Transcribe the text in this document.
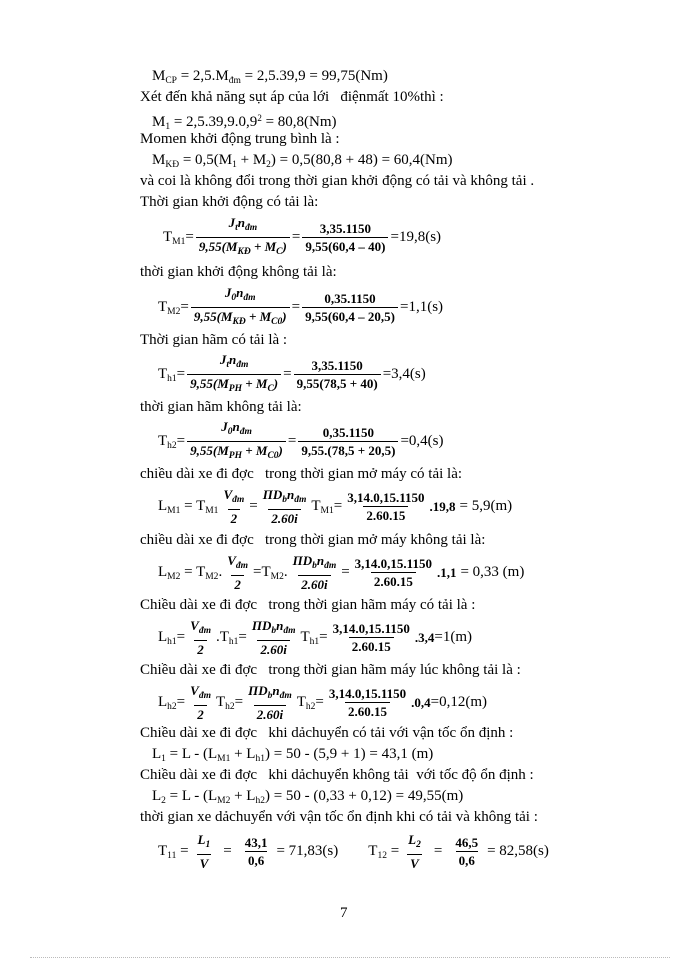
$M_{CP} = 2,5.M_{đm} = 2,5.39,9 = 99,75(Nm)$
Xét đến khả năng sụt áp của lới   điệnmất 10%thì :
$M_1 = 2,5.39,9.0,9^2 = 80,8(Nm)$
Momen khởi động trung bình là :
$M_{KĐ} = 0,5(M_1 + M_2) = 0,5(80,8 + 48) = 60,4(Nm)$
và coi là không đổi trong thời gian khởi động có tải và không tải .
Thời gian khởi động có tải là:
$T_{M1}= \frac{J_tn_{đm}}{9,55(M_{KĐ} + M_C)} = \frac{3,35.1150}{9,55(60,4 - 40)} =19,8(s)$
thời gian khởi động không tải là:
$T_{M2}= \frac{J_0n_{đm}}{9,55(M_{KĐ} + M_{C0})} = \frac{0,35.1150}{9,55(60,4 - 20,5)} =1,1(s)$
Thời gian hãm có tải là :
$T_{h1}= \frac{J_tn_{đm}}{9,55(M_{PH} + M_C)} = \frac{3,35.1150}{9,55(78,5 + 40)} =3,4(s)$
thời gian hãm không tải là:
$T_{h2}= \frac{J_0n_{đm}}{9,55(M_{PH} + M_{C0})} = \frac{0,35.1150}{9,55.(78,5 + 20,5)} =0,4(s)$
chiều dài xe đi đợc   trong thời gian mở máy có tải là:
$L_{M1} = T_{M1} \frac{V_{đm}}{2} = \frac{\Pi D_bn_{đm}}{2.60i} T_{M1}= \frac{3,14.0,15.1150}{2.60.15} .19,8 = 5,9(m)$
chiều dài xe đi đợc   trong thời gian mở máy không tải là:
$L_{M2} = T_{M2}$. $\frac{V_{đm}}{2} =T_{M2}$. $\frac{\Pi D_bn_{đm}}{2.60i} = \frac{3,14.0,15.1150}{2.60.15} .1,1 = 0,33$ (m)
Chiều dài xe đi đợc   trong thời gian hãm máy có tải là :
$L_{h1}= \frac{V_{đm}}{2} .T_{h1}= \frac{\Pi D_bn_{đm}}{2.60i} T_{h1}= \frac{3,14.0,15.1150}{2.60.15} .3,4 =1(m)$
Chiều dài xe đi đợc   trong thời gian hãm máy lúc không tải là :
$L_{h2}= \frac{V_{đm}}{2} T_{h2}= \frac{\Pi D_bn_{đm}}{2.60i} T_{h2}= \frac{3,14.0,15.1150}{2.60.15} .0,4 =0,12(m)$
Chiều dài xe đi đợc   khi dảchuyển có tải với vận tốc ổn định :
$L_1 = L - (L_{M1} + L_{h1}) = 50 - (5,9 + 1) = 43,1$ (m)
Chiều dài xe đi đợc   khi dảchuyển không tải  với tốc độ ổn định :
$L_2 = L - (L_{M2} + L_{h2}) = 50 - (0,33 + 0,12) = 49,55(m)$
thời gian xe dảchuyển với vận tốc ổn định khi có tải và không tải :
$T_{11} = \frac{L_1}{V} = \frac{43,1}{0,6} = 71,83(s) T_{12} = \frac{L_2}{V} = \frac{46,5}{0,6} = 82,58(s)$
7
